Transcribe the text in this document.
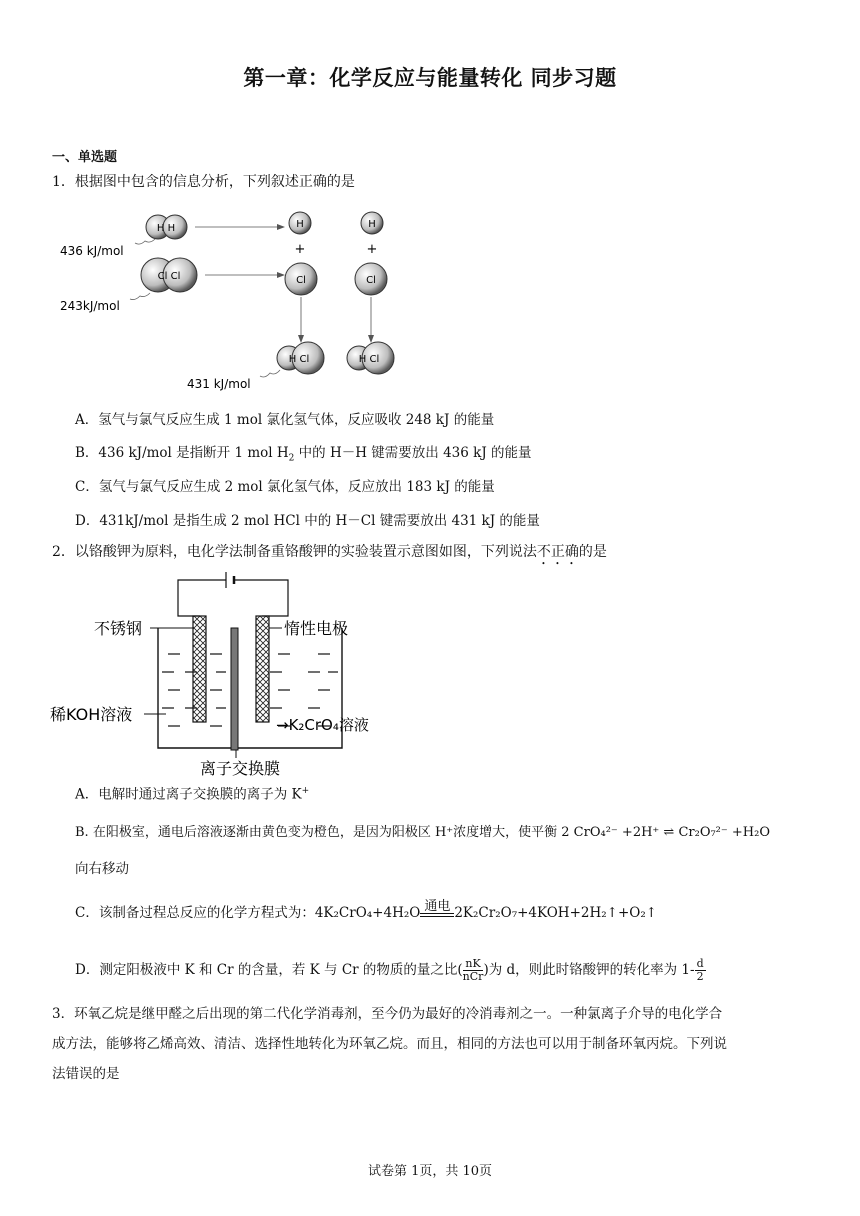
第一章：化学反应与能量转化 同步习题
一、单选题
1．根据图中包含的信息分析，下列叙述正确的是
H H	H	H
+	+
436 kJ/mol
Cl Cl	Cl	Cl
243kJ/mol
H Cl	H Cl
431 kJ/mol
A．氢气与氯气反应生成 1 mol 氯化氢气体，反应吸收 248 kJ 的能量
B．436 kJ/mol 是指断开 1 mol $H_2$ 中的 H－H 键需要放出 436 kJ 的能量
C．氢气与氯气反应生成 2 mol 氯化氢气体，反应放出 183 kJ 的能量
D．431kJ/mol 是指生成 2 mol HCl 中的 H－Cl 键需要放出 431 kJ 的能量
2．以铬酸钾为原料，电化学法制备重铬酸钾的实验装置示意图如图，下列说法不正确的是
不锈钢	惰性电极
稀KOH溶液
→K₂CrO₄溶液
离子交换膜
A．电解时通过离子交换膜的离子为 K+
B. 在阳极室，通电后溶液逐渐由黄色变为橙色，是因为阳极区 H⁺浓度增大，使平衡 2 CrO₄²⁻ +2H⁺ ⇌ Cr₂O₇²⁻ +H₂O
向右移动
C．该制备过程总反应的化学方程式为：4K₂CrO₄+4H₂O 通电 2K₂Cr₂O₇+4KOH+2H₂↑+O₂↑
D．测定阳极液中 K 和 Cr 的含量，若 K 与 Cr 的物质的量之比( $\frac{nK}{\text{nCr}}$ )为 d，则此时铬酸钾的转化率为 $1- \frac{d}{2}$
3．环氧乙烷是继甲醛之后出现的第二代化学消毒剂，至今仍为最好的冷消毒剂之一。一种氯离子介导的电化学合
成方法，能够将乙烯高效、清洁、选择性地转化为环氧乙烷。而且，相同的方法也可以用于制备环氧丙烷。下列说
法错误的是
试卷第 1页，共 10页
